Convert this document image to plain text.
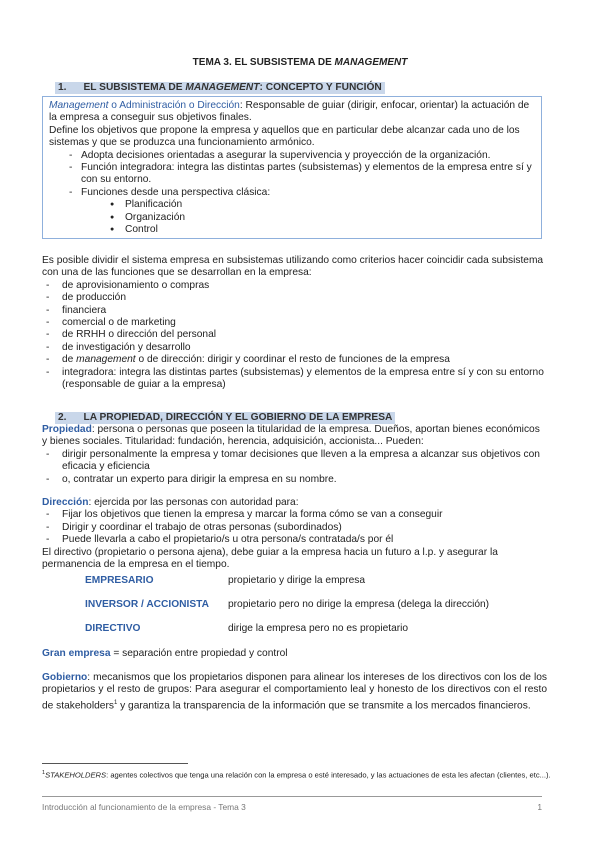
TEMA 3. EL SUBSISTEMA DE MANAGEMENT
1. EL SUBSISTEMA DE MANAGEMENT: CONCEPTO Y FUNCIÓN
Management o Administración o Dirección: Responsable de guiar (dirigir, enfocar, orientar) la actuación de la empresa a conseguir sus objetivos finales.
Define los objetivos que propone la empresa y aquellos que en particular debe alcanzar cada uno de los sistemas y que se produzca una funcionamiento armónico.
- Adopta decisiones orientadas a asegurar la supervivencia y proyección de la organización.
- Función integradora: integra las distintas partes (subsistemas) y elementos de la empresa entre sí y con su entorno.
- Funciones desde una perspectiva clásica:
● Planificación
● Organización
● Control
Es posible dividir el sistema empresa en subsistemas utilizando como criterios hacer coincidir cada subsistema con una de las funciones que se desarrollan en la empresa:
- de aprovisionamiento o compras
- de producción
- financiera
- comercial o de marketing
- de RRHH o dirección del personal
- de investigación y desarrollo
- de management o de dirección: dirigir y coordinar el resto de funciones de la empresa
- integradora: integra las distintas partes (subsistemas) y elementos de la empresa entre sí y con su entorno (responsable de guiar a la empresa)
2. LA PROPIEDAD, DIRECCIÓN Y EL GOBIERNO DE LA EMPRESA
Propiedad: persona o personas que poseen la titularidad de la empresa. Dueños, aportan bienes económicos y bienes sociales. Titularidad: fundación, herencia, adquisición, accionista... Pueden:
- dirigir personalmente la empresa y tomar decisiones que lleven a la empresa a alcanzar sus objetivos con eficacia y eficiencia
- o, contratar un experto para dirigir la empresa en su nombre.
Dirección: ejercida por las personas con autoridad para:
- Fijar los objetivos que tienen la empresa y marcar la forma cómo se van a conseguir
- Dirigir y coordinar el trabajo de otras personas (subordinados)
- Puede llevarla a cabo el propietario/s u otra persona/s contratada/s por él
El directivo (propietario o persona ajena), debe guiar a la empresa hacia un futuro a l.p. y asegurar la permanencia de la empresa en el tiempo.
EMPRESARIO	propietario y dirige la empresa
INVERSOR / ACCIONISTA propietario pero no dirige la empresa (delega la dirección)
DIRECTIVO	dirige la empresa pero no es propietario
Gran empresa = separación entre propiedad y control
Gobierno: mecanismos que los propietarios disponen para alinear los intereses de los directivos con los de los propietarios y el resto de grupos: Para asegurar el comportamiento leal y honesto de los directivos con el resto de stakeholders$^1$ y garantiza la transparencia de la información que se transmite a los mercados financieros.
$^1$STAKEHOLDERS: agentes colectivos que tenga una relación con la empresa o esté interesado, y las actuaciones de esta les afectan (clientes, etc...).
Introducción al funcionamiento de la empresa - Tema 3	1
